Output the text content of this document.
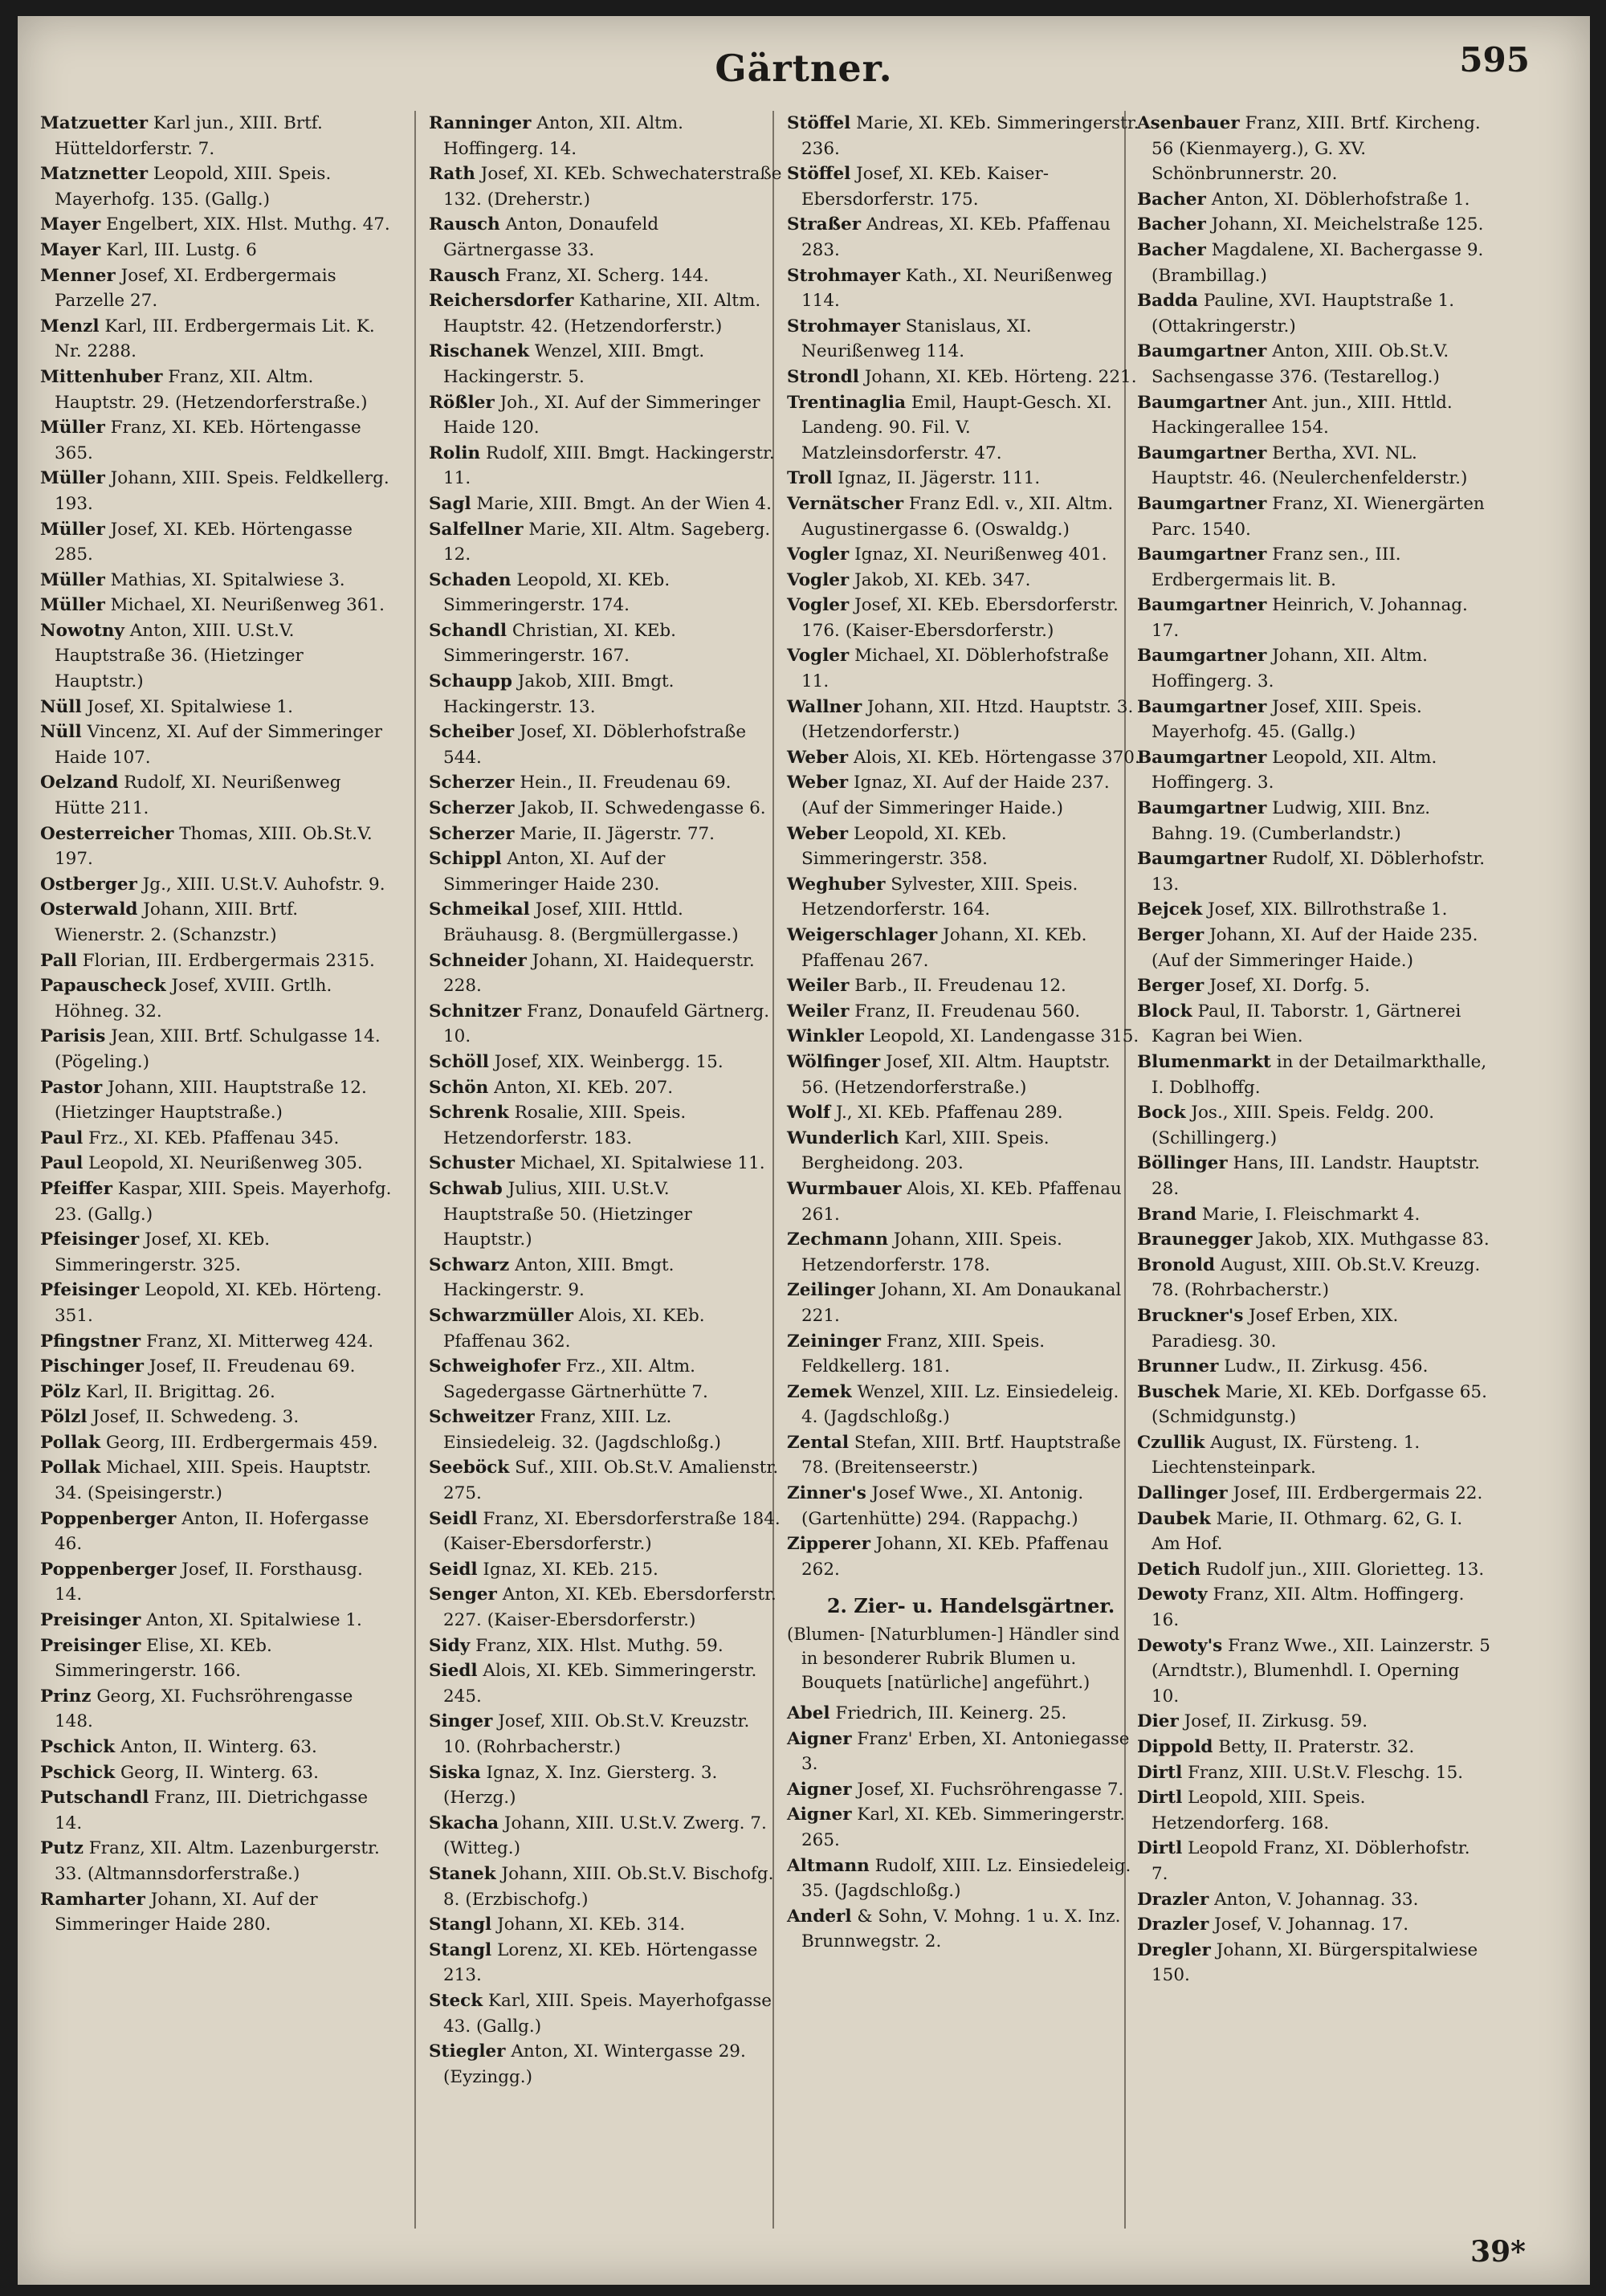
Gärtner.	595

Matzuetter Karl jun., XIII. Brtf. Hütteldorferstr. 7.

Matznetter Leopold, XIII. Speis. Mayerhofg. 135. (Gallg.)

Mayer Engelbert, XIX. Hlst. Muthg. 47.

Mayer Karl, III. Lustg. 6

Menner Josef, XI. Erdbergermais Parzelle 27.

Menzl Karl, III. Erdbergermais Lit. K. Nr. 2288.

Mittenhuber Franz, XII. Altm. Hauptstr. 29. (Hetzendorferstraße.)

Müller Franz, XI. KEb. Hörtengasse 365.

Müller Johann, XIII. Speis. Feldkellerg. 193.

Müller Josef, XI. KEb. Hörtengasse 285.

Müller Mathias, XI. Spitalwiese 3.

Müller Michael, XI. Neurißenweg 361.

Nowotny Anton, XIII. U.St.V. Hauptstraße 36. (Hietzinger Hauptstr.)

Nüll Josef, XI. Spitalwiese 1.

Nüll Vincenz, XI. Auf der Simmeringer Haide 107.

Oelzand Rudolf, XI. Neurißenweg Hütte 211.

Oesterreicher Thomas, XIII. Ob.St.V. 197.

Ostberger Jg., XIII. U.St.V. Auhofstr. 9.

Osterwald Johann, XIII. Brtf. Wienerstr. 2. (Schanzstr.)

Pall Florian, III. Erdbergermais 2315.

Papauscheck Josef, XVIII. Grtlh. Höhneg. 32.

Parisis Jean, XIII. Brtf. Schulgasse 14. (Pögeling.)

Pastor Johann, XIII. Hauptstraße 12. (Hietzinger Hauptstraße.)

Paul Frz., XI. KEb. Pfaffenau 345.

Paul Leopold, XI. Neurißenweg 305.

Pfeiffer Kaspar, XIII. Speis. Mayerhofg. 23. (Gallg.)

Pfeisinger Josef, XI. KEb. Simmeringerstr. 325.

Pfeisinger Leopold, XI. KEb. Hörteng. 351.

Pfingstner Franz, XI. Mitterweg 424.

Pischinger Josef, II. Freudenau 69.

Pölz Karl, II. Brigittag. 26.

Pölzl Josef, II. Schwedeng. 3.

Pollak Georg, III. Erdbergermais 459.

Pollak Michael, XIII. Speis. Hauptstr. 34. (Speisingerstr.)

Poppenberger Anton, II. Hofergasse 46.

Poppenberger Josef, II. Forsthausg. 14.

Preisinger Anton, XI. Spitalwiese 1.

Preisinger Elise, XI. KEb. Simmeringerstr. 166.

Prinz Georg, XI. Fuchsröhrengasse 148.

Pschick Anton, II. Winterg. 63.

Pschick Georg, II. Winterg. 63.

Putschandl Franz, III. Dietrichgasse 14.

Putz Franz, XII. Altm. Lazenburgerstr. 33. (Altmannsdorferstraße.)

Ramharter Johann, XI. Auf der Simmeringer Haide 280.

Ranninger Anton, XII. Altm. Hoffingerg. 14.

Rath Josef, XI. KEb. Schwechaterstraße 132. (Dreherstr.)

Rausch Anton, Donaufeld Gärtnergasse 33.

Rausch Franz, XI. Scherg. 144.

Reichersdorfer Katharine, XII. Altm. Hauptstr. 42. (Hetzendorferstr.)

Rischanek Wenzel, XIII. Bmgt. Hackingerstr. 5.

Rößler Joh., XI. Auf der Simmeringer Haide 120.

Rolin Rudolf, XIII. Bmgt. Hackingerstr. 11.

Sagl Marie, XIII. Bmgt. An der Wien 4.

Salfellner Marie, XII. Altm. Sageberg. 12.

Schaden Leopold, XI. KEb. Simmeringerstr. 174.

Schandl Christian, XI. KEb. Simmeringerstr. 167.

Schaupp Jakob, XIII. Bmgt. Hackingerstr. 13.

Scheiber Josef, XI. Döblerhofstraße 544.

Scherzer Hein., II. Freudenau 69.

Scherzer Jakob, II. Schwedengasse 6.

Scherzer Marie, II. Jägerstr. 77.

Schippl Anton, XI. Auf der Simmeringer Haide 230.

Schmeikal Josef, XIII. Httld. Bräuhausg. 8. (Bergmüllergasse.)

Schneider Johann, XI. Haidequerstr. 228.

Schnitzer Franz, Donaufeld Gärtnerg. 10.

Schöll Josef, XIX. Weinbergg. 15.

Schön Anton, XI. KEb. 207.

Schrenk Rosalie, XIII. Speis. Hetzendorferstr. 183.

Schuster Michael, XI. Spitalwiese 11.

Schwab Julius, XIII. U.St.V. Hauptstraße 50. (Hietzinger Hauptstr.)

Schwarz Anton, XIII. Bmgt. Hackingerstr. 9.

Schwarzmüller Alois, XI. KEb. Pfaffenau 362.

Schweighofer Frz., XII. Altm. Sagedergasse Gärtnerhütte 7.

Schweitzer Franz, XIII. Lz. Einsiedeleig. 32. (Jagdschloßg.)

Seeböck Suf., XIII. Ob.St.V. Amalienstr. 275.

Seidl Franz, XI. Ebersdorferstraße 184. (Kaiser-Ebersdorferstr.)

Seidl Ignaz, XI. KEb. 215.

Senger Anton, XI. KEb. Ebersdorferstr. 227. (Kaiser-Ebersdorferstr.)

Sidy Franz, XIX. Hlst. Muthg. 59.

Siedl Alois, XI. KEb. Simmeringerstr. 245.

Singer Josef, XIII. Ob.St.V. Kreuzstr. 10. (Rohrbacherstr.)

Siska Ignaz, X. Inz. Giersterg. 3. (Herzg.)

Skacha Johann, XIII. U.St.V. Zwerg. 7. (Witteg.)

Stanek Johann, XIII. Ob.St.V. Bischofg. 8. (Erzbischofg.)

Stangl Johann, XI. KEb. 314.

Stangl Lorenz, XI. KEb. Hörtengasse 213.

Steck Karl, XIII. Speis. Mayerhofgasse 43. (Gallg.)

Stiegler Anton, XI. Wintergasse 29. (Eyzingg.)

Stöffel Marie, XI. KEb. Simmeringerstr. 236.

Stöffel Josef, XI. KEb. Kaiser-Ebersdorferstr. 175.

Straßer Andreas, XI. KEb. Pfaffenau 283.

Strohmayer Kath., XI. Neurißenweg 114.

Strohmayer Stanislaus, XI. Neurißenweg 114.

Strondl Johann, XI. KEb. Hörteng. 221.

Trentinaglia Emil, Haupt-Gesch. XI. Landeng. 90. Fil. V. Matzleinsdorferstr. 47.

Troll Ignaz, II. Jägerstr. 111.

Vernätscher Franz Edl. v., XII. Altm. Augustinergasse 6. (Oswaldg.)

Vogler Ignaz, XI. Neurißenweg 401.

Vogler Jakob, XI. KEb. 347.

Vogler Josef, XI. KEb. Ebersdorferstr. 176. (Kaiser-Ebersdorferstr.)

Vogler Michael, XI. Döblerhofstraße 11.

Wallner Johann, XII. Htzd. Hauptstr. 3. (Hetzendorferstr.)

Weber Alois, XI. KEb. Hörtengasse 370.

Weber Ignaz, XI. Auf der Haide 237. (Auf der Simmeringer Haide.)

Weber Leopold, XI. KEb. Simmeringerstr. 358.

Weghuber Sylvester, XIII. Speis. Hetzendorferstr. 164.

Weigerschlager Johann, XI. KEb. Pfaffenau 267.

Weiler Barb., II. Freudenau 12.

Weiler Franz, II. Freudenau 560.

Winkler Leopold, XI. Landengasse 315.

Wölfinger Josef, XII. Altm. Hauptstr. 56. (Hetzendorferstraße.)

Wolf J., XI. KEb. Pfaffenau 289.

Wunderlich Karl, XIII. Speis. Bergheidong. 203.

Wurmbauer Alois, XI. KEb. Pfaffenau 261.

Zechmann Johann, XIII. Speis. Hetzendorferstr. 178.

Zeilinger Johann, XI. Am Donaukanal 221.

Zeininger Franz, XIII. Speis. Feldkellerg. 181.

Zemek Wenzel, XIII. Lz. Einsiedeleig. 4. (Jagdschloßg.)

Zental Stefan, XIII. Brtf. Hauptstraße 78. (Breitenseerstr.)

Zinner's Josef Wwe., XI. Antonig. (Gartenhütte) 294. (Rappachg.)

Zipperer Johann, XI. KEb. Pfaffenau 262.

2. Zier- u. Handelsgärtner.

(Blumen- [Naturblumen-] Händler sind in besonderer Rubrik Blumen u. Bouquets [natürliche] angeführt.)

Abel Friedrich, III. Keinerg. 25.

Aigner Franz' Erben, XI. Antoniegasse 3.

Aigner Josef, XI. Fuchsröhrengasse 7.

Aigner Karl, XI. KEb. Simmeringerstr. 265.

Altmann Rudolf, XIII. Lz. Einsiedeleig. 35. (Jagdschloßg.)

Anderl & Sohn, V. Mohng. 1 u. X. Inz. Brunnwegstr. 2.

Asenbauer Franz, XIII. Brtf. Kircheng. 56 (Kienmayerg.), G. XV. Schönbrunnerstr. 20.

Bacher Anton, XI. Döblerhofstraße 1.

Bacher Johann, XI. Meichelstraße 125.

Bacher Magdalene, XI. Bachergasse 9. (Brambillag.)

Badda Pauline, XVI. Hauptstraße 1. (Ottakringerstr.)

Baumgartner Anton, XIII. Ob.St.V. Sachsengasse 376. (Testarellog.)

Baumgartner Ant. jun., XIII. Httld. Hackingerallee 154.

Baumgartner Bertha, XVI. NL. Hauptstr. 46. (Neulerchenfelderstr.)

Baumgartner Franz, XI. Wienergärten Parc. 1540.

Baumgartner Franz sen., III. Erdbergermais lit. B.

Baumgartner Heinrich, V. Johannag. 17.

Baumgartner Johann, XII. Altm. Hoffingerg. 3.

Baumgartner Josef, XIII. Speis. Mayerhofg. 45. (Gallg.)

Baumgartner Leopold, XII. Altm. Hoffingerg. 3.

Baumgartner Ludwig, XIII. Bnz. Bahng. 19. (Cumberlandstr.)

Baumgartner Rudolf, XI. Döblerhofstr. 13.

Bejcek Josef, XIX. Billrothstraße 1.

Berger Johann, XI. Auf der Haide 235. (Auf der Simmeringer Haide.)

Berger Josef, XI. Dorfg. 5.

Block Paul, II. Taborstr. 1, Gärtnerei Kagran bei Wien.

Blumenmarkt in der Detailmarkthalle, I. Doblhoffg.

Bock Jos., XIII. Speis. Feldg. 200. (Schillingerg.)

Böllinger Hans, III. Landstr. Hauptstr. 28.

Brand Marie, I. Fleischmarkt 4.

Braunegger Jakob, XIX. Muthgasse 83.

Bronold August, XIII. Ob.St.V. Kreuzg. 78. (Rohrbacherstr.)

Bruckner's Josef Erben, XIX. Paradiesg. 30.

Brunner Ludw., II. Zirkusg. 456.

Buschek Marie, XI. KEb. Dorfgasse 65. (Schmidgunstg.)

Czullik August, IX. Fürsteng. 1. Liechtensteinpark.

Dallinger Josef, III. Erdbergermais 22.

Daubek Marie, II. Othmarg. 62, G. I. Am Hof.

Detich Rudolf jun., XIII. Glorietteg. 13.

Dewoty Franz, XII. Altm. Hoffingerg. 16.

Dewoty's Franz Wwe., XII. Lainzerstr. 5 (Arndtstr.), Blumenhdl. I. Operning 10.

Dier Josef, II. Zirkusg. 59.

Dippold Betty, II. Praterstr. 32.

Dirtl Franz, XIII. U.St.V. Fleschg. 15.

Dirtl Leopold, XIII. Speis. Hetzendorferg. 168.

Dirtl Leopold Franz, XI. Döblerhofstr. 7.

Drazler Anton, V. Johannag. 33.

Drazler Josef, V. Johannag. 17.

Dregler Johann, XI. Bürgerspitalwiese 150.

39*
